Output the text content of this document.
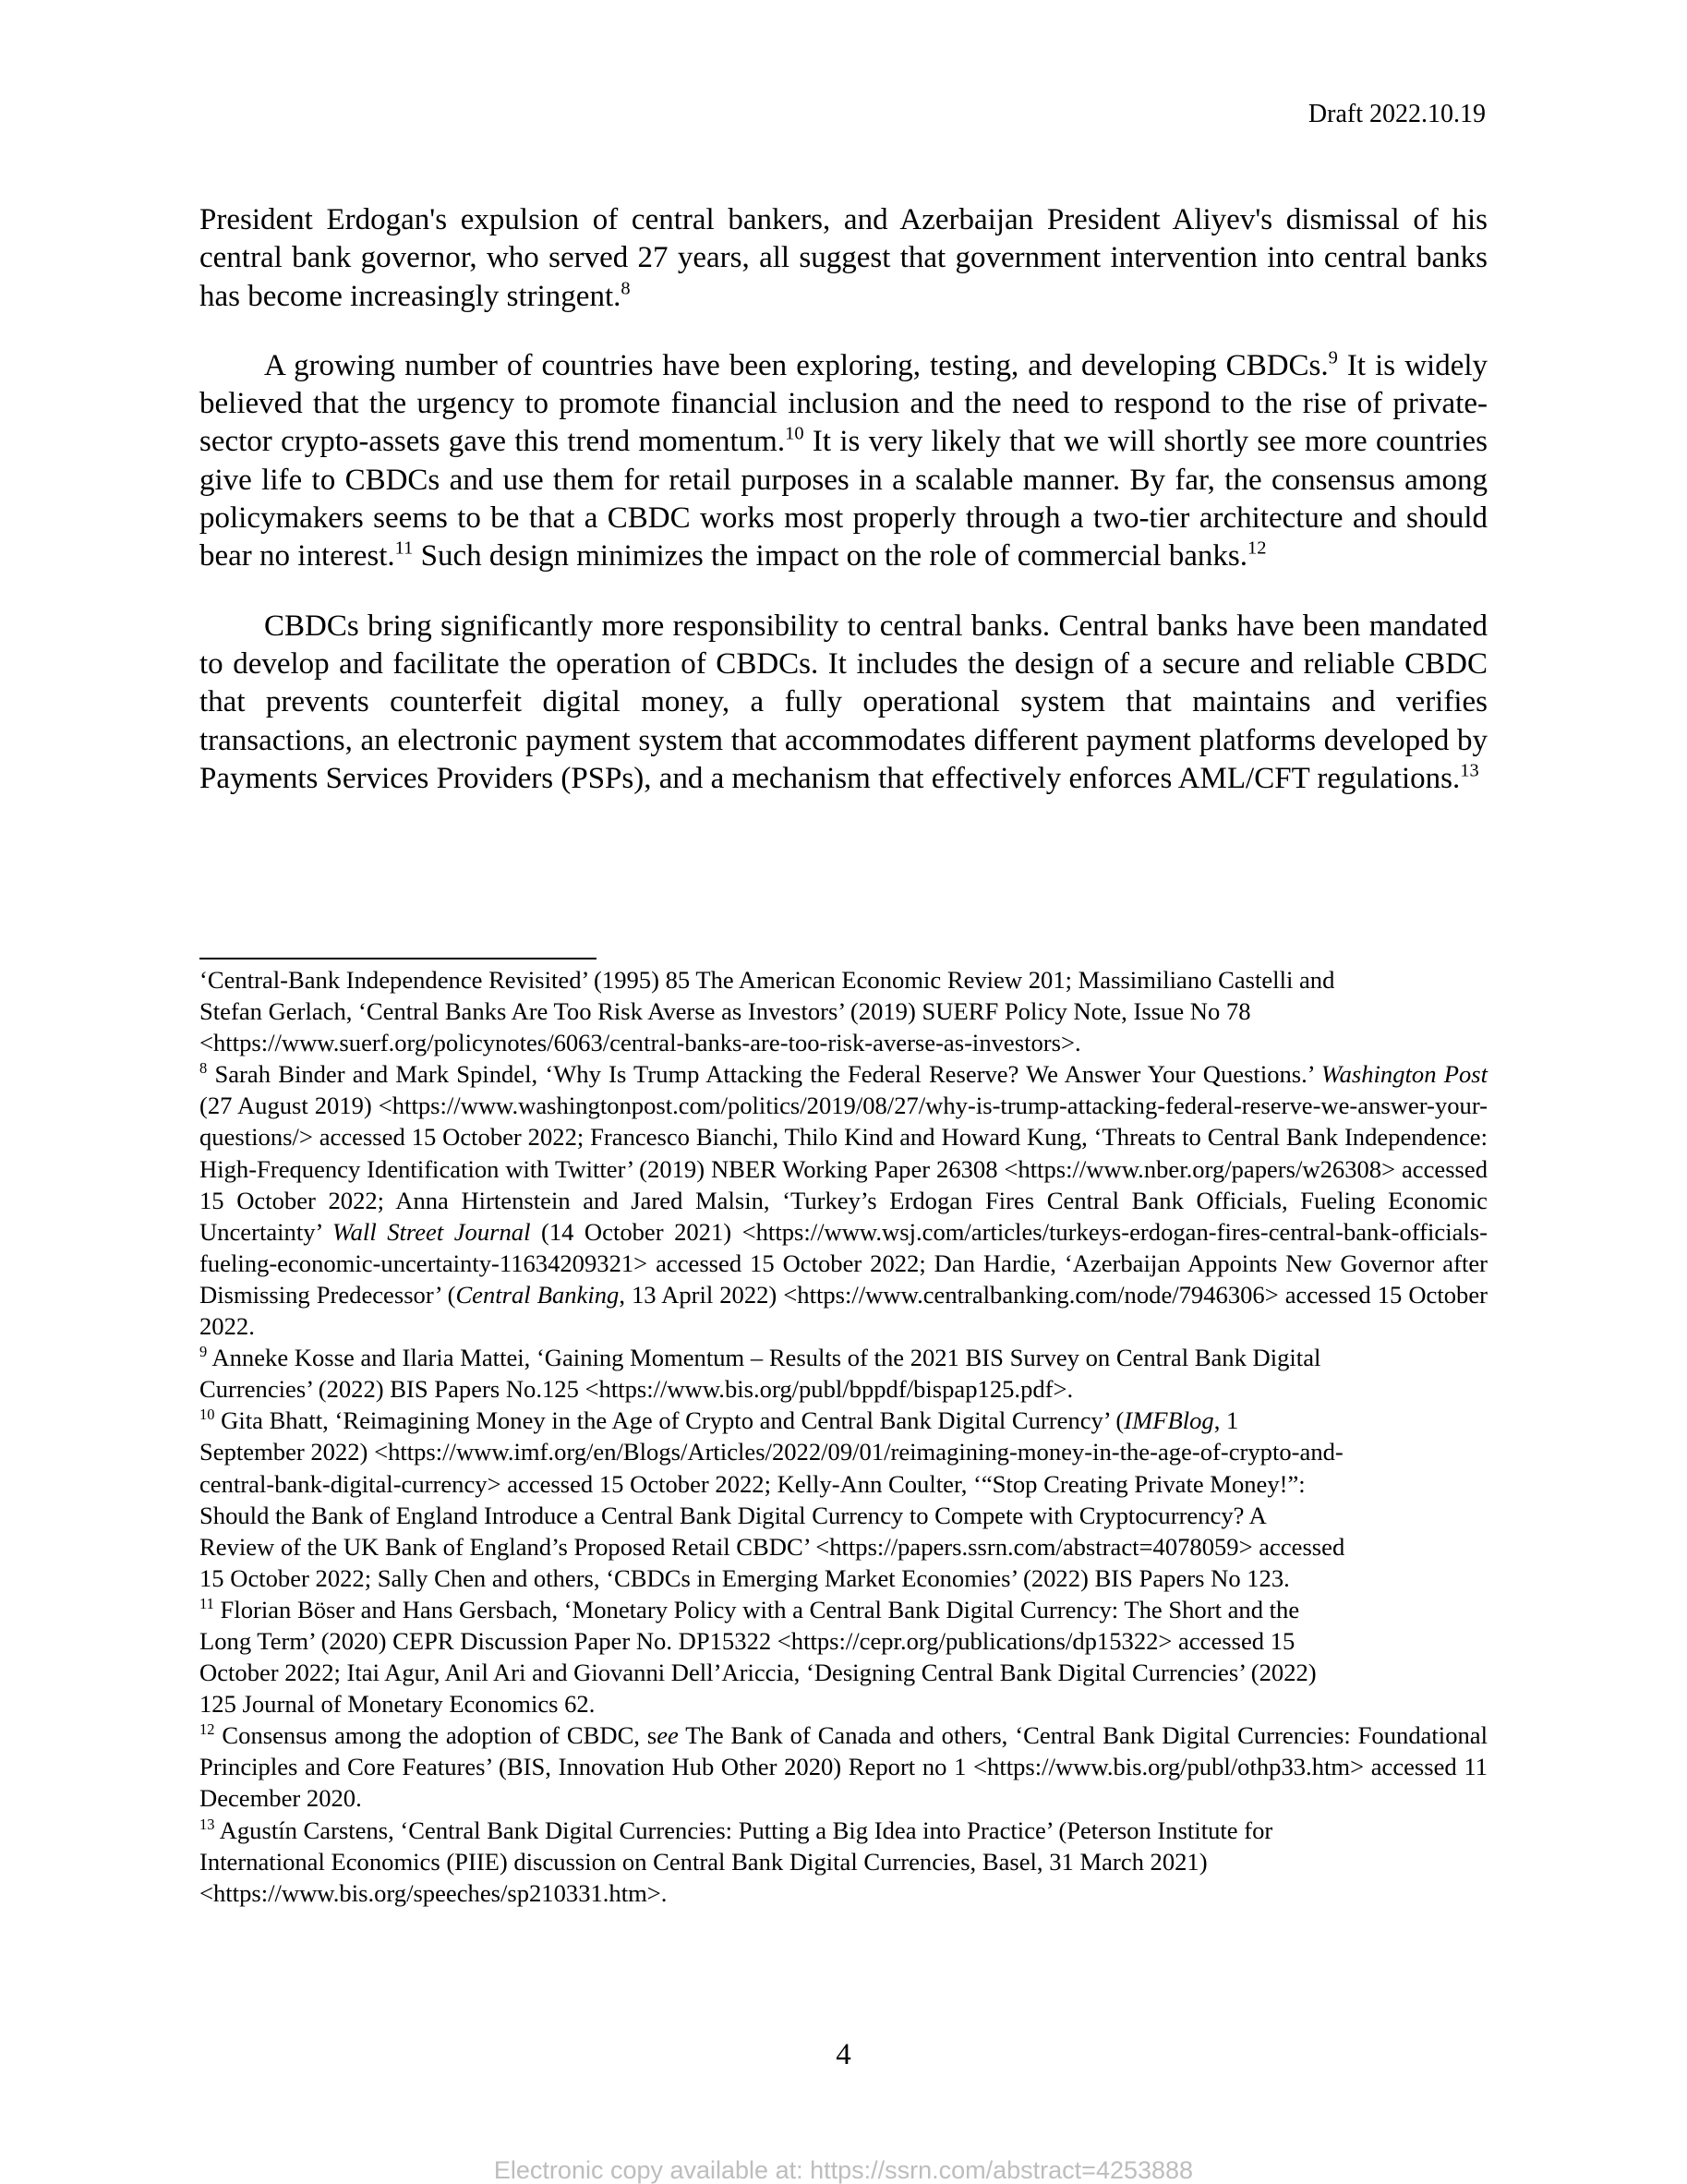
Draft 2022.10.19

President Erdogan's expulsion of central bankers, and Azerbaijan President Aliyev's dismissal of his central bank governor, who served 27 years, all suggest that government intervention into central banks has become increasingly stringent.$^8$

A growing number of countries have been exploring, testing, and developing CBDCs.$^9$ It is widely believed that the urgency to promote financial inclusion and the need to respond to the rise of private-sector crypto-assets gave this trend momentum.$^{10}$ It is very likely that we will shortly see more countries give life to CBDCs and use them for retail purposes in a scalable manner. By far, the consensus among policymakers seems to be that a CBDC works most properly through a two-tier architecture and should bear no interest.$^{11}$ Such design minimizes the impact on the role of commercial banks.$^{12}$

CBDCs bring significantly more responsibility to central banks. Central banks have been mandated to develop and facilitate the operation of CBDCs. It includes the design of a secure and reliable CBDC that prevents counterfeit digital money, a fully operational system that maintains and verifies transactions, an electronic payment system that accommodates different payment platforms developed by Payments Services Providers (PSPs), and a mechanism that effectively enforces AML/CFT regulations.$^{13}$

‘Central-Bank Independence Revisited’ (1995) 85 The American Economic Review 201; Massimiliano Castelli and
Stefan Gerlach, ‘Central Banks Are Too Risk Averse as Investors’ (2019) SUERF Policy Note, Issue No 78
<https://www.suerf.org/policynotes/6063/central-banks-are-too-risk-averse-as-investors>.

$^8$ Sarah Binder and Mark Spindel, ‘Why Is Trump Attacking the Federal Reserve? We Answer Your Questions.’ Washington Post (27 August 2019) <https://www.washingtonpost.com/politics/2019/08/27/why-is-trump-attacking-federal-reserve-we-answer-your-questions/> accessed 15 October 2022; Francesco Bianchi, Thilo Kind and Howard Kung, ‘Threats to Central Bank Independence: High-Frequency Identification with Twitter’ (2019) NBER Working Paper 26308 <https://www.nber.org/papers/w26308> accessed 15 October 2022; Anna Hirtenstein and Jared Malsin, ‘Turkey’s Erdogan Fires Central Bank Officials, Fueling Economic Uncertainty’ Wall Street Journal (14 October 2021) <https://www.wsj.com/articles/turkeys-erdogan-fires-central-bank-officials-fueling-economic-uncertainty-11634209321> accessed 15 October 2022; Dan Hardie, ‘Azerbaijan Appoints New Governor after Dismissing Predecessor’ (Central Banking, 13 April 2022) <https://www.centralbanking.com/node/7946306> accessed 15 October 2022.

$^9$ Anneke Kosse and Ilaria Mattei, ‘Gaining Momentum – Results of the 2021 BIS Survey on Central Bank Digital
Currencies’ (2022) BIS Papers No.125 <https://www.bis.org/publ/bppdf/bispap125.pdf>.

$^{10}$ Gita Bhatt, ‘Reimagining Money in the Age of Crypto and Central Bank Digital Currency’ (IMFBlog, 1
September 2022) <https://www.imf.org/en/Blogs/Articles/2022/09/01/reimagining-money-in-the-age-of-crypto-and-
central-bank-digital-currency> accessed 15 October 2022; Kelly-Ann Coulter, ‘“Stop Creating Private Money!”:
Should the Bank of England Introduce a Central Bank Digital Currency to Compete with Cryptocurrency? A
Review of the UK Bank of England’s Proposed Retail CBDC’ <https://papers.ssrn.com/abstract=4078059> accessed
15 October 2022; Sally Chen and others, ‘CBDCs in Emerging Market Economies’ (2022) BIS Papers No 123.

$^{11}$ Florian Böser and Hans Gersbach, ‘Monetary Policy with a Central Bank Digital Currency: The Short and the
Long Term’ (2020) CEPR Discussion Paper No. DP15322 <https://cepr.org/publications/dp15322> accessed 15
October 2022; Itai Agur, Anil Ari and Giovanni Dell’Ariccia, ‘Designing Central Bank Digital Currencies’ (2022)
125 Journal of Monetary Economics 62.

$^{12}$ Consensus among the adoption of CBDC, see The Bank of Canada and others, ‘Central Bank Digital Currencies: Foundational Principles and Core Features’ (BIS, Innovation Hub Other 2020) Report no 1 <https://www.bis.org/publ/othp33.htm> accessed 11 December 2020.

$^{13}$ Agustín Carstens, ‘Central Bank Digital Currencies: Putting a Big Idea into Practice’ (Peterson Institute for
International Economics (PIIE) discussion on Central Bank Digital Currencies, Basel, 31 March 2021)
<https://www.bis.org/speeches/sp210331.htm>.

4
Electronic copy available at: https://ssrn.com/abstract=4253888
